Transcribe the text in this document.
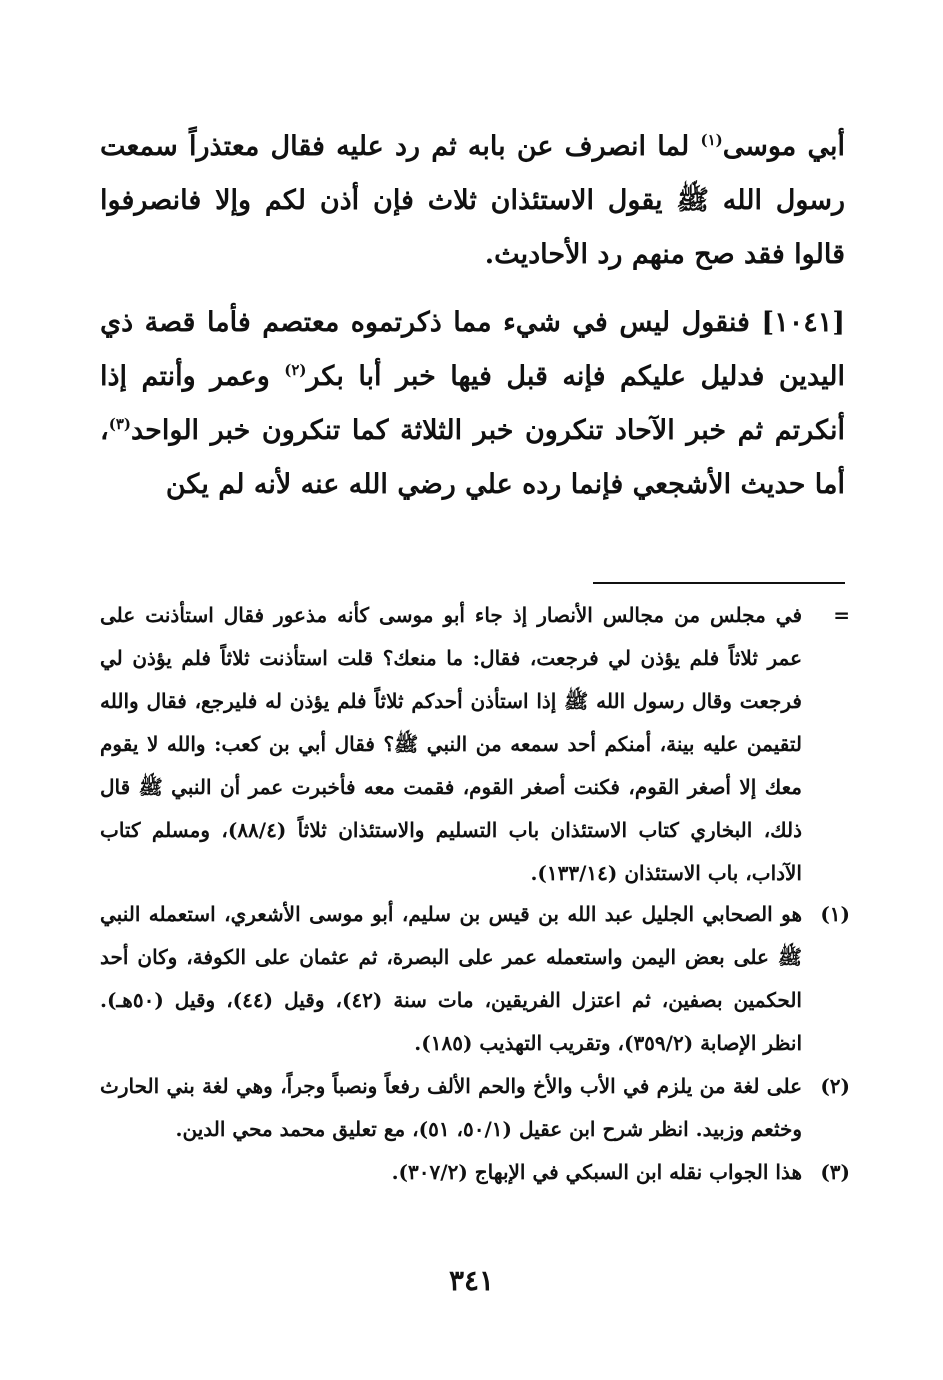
أبي موسى$^{(١)}$ لما انصرف عن بابه ثم رد عليه فقال معتذراً سمعت رسول الله ﷺ يقول الاستئذان ثلاث فإن أذن لكم وإلا فانصرفوا قالوا فقد صح منهم رد الأحاديث.

[١٠٤١] فنقول ليس في شيء مما ذكرتموه معتصم فأما قصة ذي اليدين فدليل عليكم فإنه قبل فيها خبر أبا بكر$^{(٢)}$ وعمر وأنتم إذا أنكرتم ثم خبر الآحاد تنكرون خبر الثلاثة كما تنكرون خبر الواحد$^{(٣)}$، أما حديث الأشجعي فإنما رده علي رضي الله عنه لأنه لم يكن

=
في مجلس من مجالس الأنصار إذ جاء أبو موسى كأنه مذعور فقال استأذنت على عمر ثلاثاً فلم يؤذن لي فرجعت، فقال: ما منعك؟ قلت استأذنت ثلاثاً فلم يؤذن لي فرجعت وقال رسول الله ﷺ إذا استأذن أحدكم ثلاثاً فلم يؤذن له فليرجع، فقال والله لتقيمن عليه بينة، أمنكم أحد سمعه من النبي ﷺ؟ فقال أبي بن كعب: والله لا يقوم معك إلا أصغر القوم، فكنت أصغر القوم، فقمت معه فأخبرت عمر أن النبي ﷺ قال ذلك، البخاري كتاب الاستئذان باب التسليم والاستئذان ثلاثاً (٨٨/٤)، ومسلم كتاب الآداب، باب الاستئذان (١٣٣/١٤).

(١)
هو الصحابي الجليل عبد الله بن قيس بن سليم، أبو موسى الأشعري، استعمله النبي ﷺ على بعض اليمن واستعمله عمر على البصرة، ثم عثمان على الكوفة، وكان أحد الحكمين بصفين، ثم اعتزل الفريقين، مات سنة (٤٢)، وقيل (٤٤)، وقيل (٥٠هـ). انظر الإصابة (٣٥٩/٢)، وتقريب التهذيب (١٨٥).

(٢)
على لغة من يلزم في الأب والأخ والحم الألف رفعاً ونصباً وجراً، وهي لغة بني الحارث وخثعم وزبيد. انظر شرح ابن عقيل (٥٠/١، ٥١)، مع تعليق محمد محي الدين.

(٣)
هذا الجواب نقله ابن السبكي في الإبهاج (٣٠٧/٢).

٣٤١
